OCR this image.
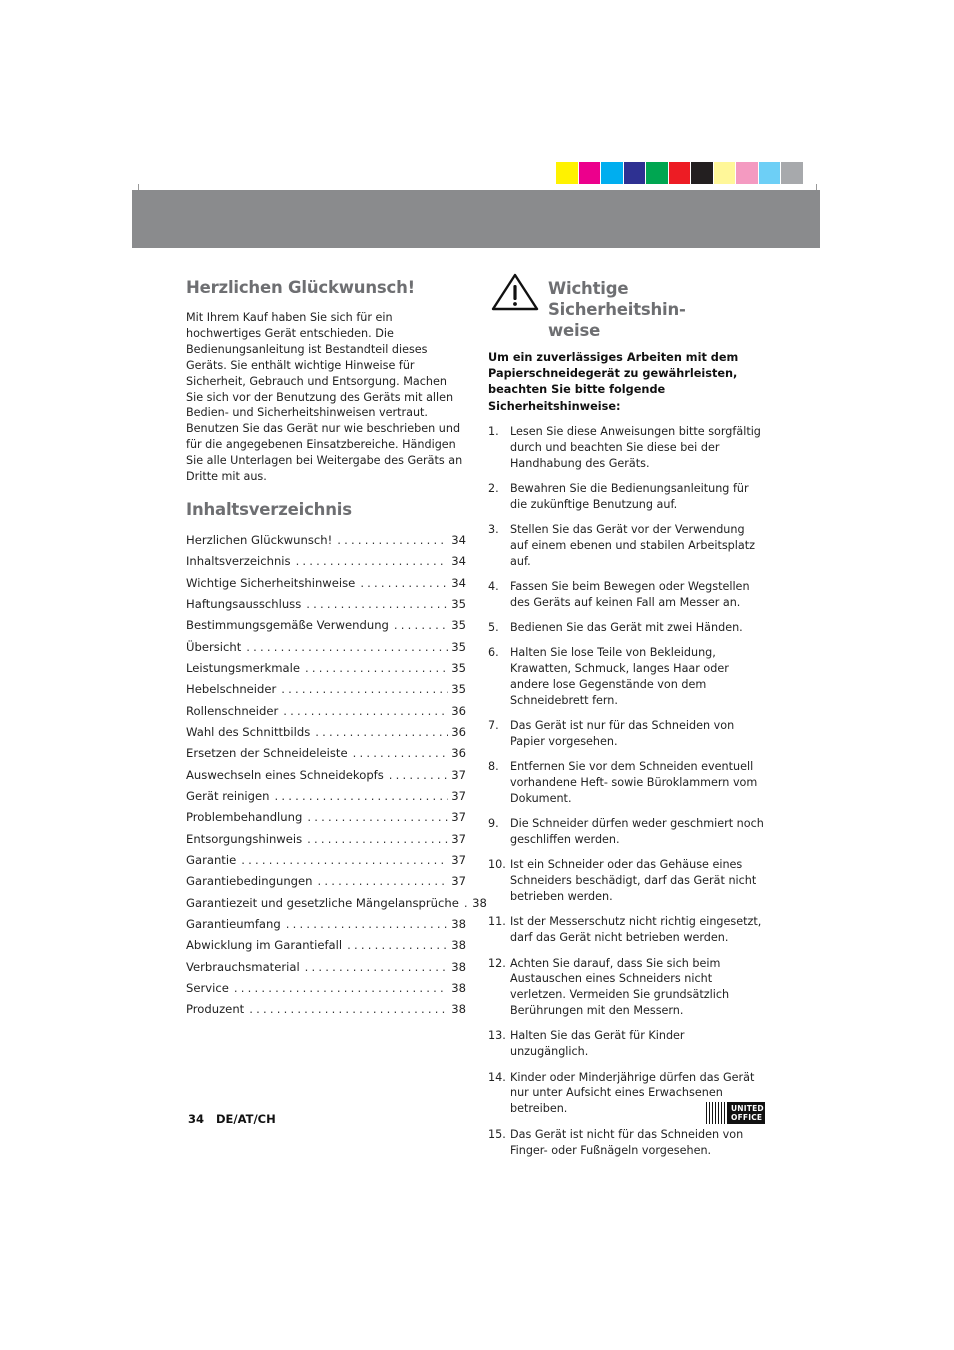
Herzlichen Glückwunsch!

Mit Ihrem Kauf haben Sie sich für ein hochwertiges Gerät entschieden. Die Bedienungsanleitung ist Bestandteil dieses Geräts. Sie enthält wichtige Hinweise für Sicherheit, Gebrauch und Entsorgung. Machen Sie sich vor der Benutzung des Geräts mit allen Bedien- und Sicherheitshinweisen vertraut. Benutzen Sie das Gerät nur wie beschrieben und für die angegebenen Einsatzbereiche. Händigen Sie alle Unterlagen bei Weitergabe des Geräts an Dritte mit aus.

Inhaltsverzeichnis
Herzlichen Glückwunsch! . . .	34
Inhaltsverzeichnis . . .	34
Wichtige Sicherheitshinweise . . .	34
Haftungsausschluss . . .	35
Bestimmungsgemäße Verwendung . . .	35
Übersicht . . .	35
Leistungsmerkmale . . .	35
Hebelschneider . . .	35
Rollenschneider . . .	36
Wahl des Schnittbilds . . .	36
Ersetzen der Schneideleiste . . .	36
Auswechseln eines Schneidekopfs . . .	37
Gerät reinigen . . .	37
Problembehandlung . . .	37
Entsorgungshinweis . . .	37
Garantie . . .	37
Garantiebedingungen . . .	37
Garantiezeit und gesetzliche Mängelansprüche . . . 38
Garantieumfang . . .	38
Abwicklung im Garantiefall . . .	38
Verbrauchsmaterial . . .	38
Service . . .	38
Produzent . . .	38
Wichtige Sicherheitshin-
weise
Um ein zuverlässiges Arbeiten mit dem Papierschneidegerät zu gewährleisten, beachten Sie bitte folgende Sicherheitshinweise:
1.	Lesen Sie diese Anweisungen bitte sorgfältig durch und beachten Sie diese bei der Handhabung des Geräts.
2.	Bewahren Sie die Bedienungsanleitung für die zukünftige Benutzung auf.
3.	Stellen Sie das Gerät vor der Verwendung auf einem ebenen und stabilen Arbeitsplatz auf.
4.	Fassen Sie beim Bewegen oder Wegstellen des Geräts auf keinen Fall am Messer an.
5.	Bedienen Sie das Gerät mit zwei Händen.
6.	Halten Sie lose Teile von Bekleidung, Krawatten, Schmuck, langes Haar oder andere lose Gegenstände von dem Schneidebrett fern.
7.	Das Gerät ist nur für das Schneiden von Papier vorgesehen.
8.	Entfernen Sie vor dem Schneiden eventuell vorhandene Heft- sowie Büroklammern vom Dokument.
9.	Die Schneider dürfen weder geschmiert noch geschliffen werden.
10. Ist ein Schneider oder das Gehäuse eines Schneiders beschädigt, darf das Gerät nicht betrieben werden.
11. Ist der Messerschutz nicht richtig eingesetzt, darf das Gerät nicht betrieben werden.
12. Achten Sie darauf, dass Sie sich beim Austauschen eines Schneiders nicht verletzen. Vermeiden Sie grundsätzlich Berührungen mit den Messern.
13. Halten Sie das Gerät für Kinder unzugänglich.
14. Kinder oder Minderjährige dürfen das Gerät nur unter Aufsicht eines Erwachsenen betreiben.
15. Das Gerät ist nicht für das Schneiden von Finger- oder Fußnägeln vorgesehen.
34   DE/AT/CH
UNITED
OFFICE
